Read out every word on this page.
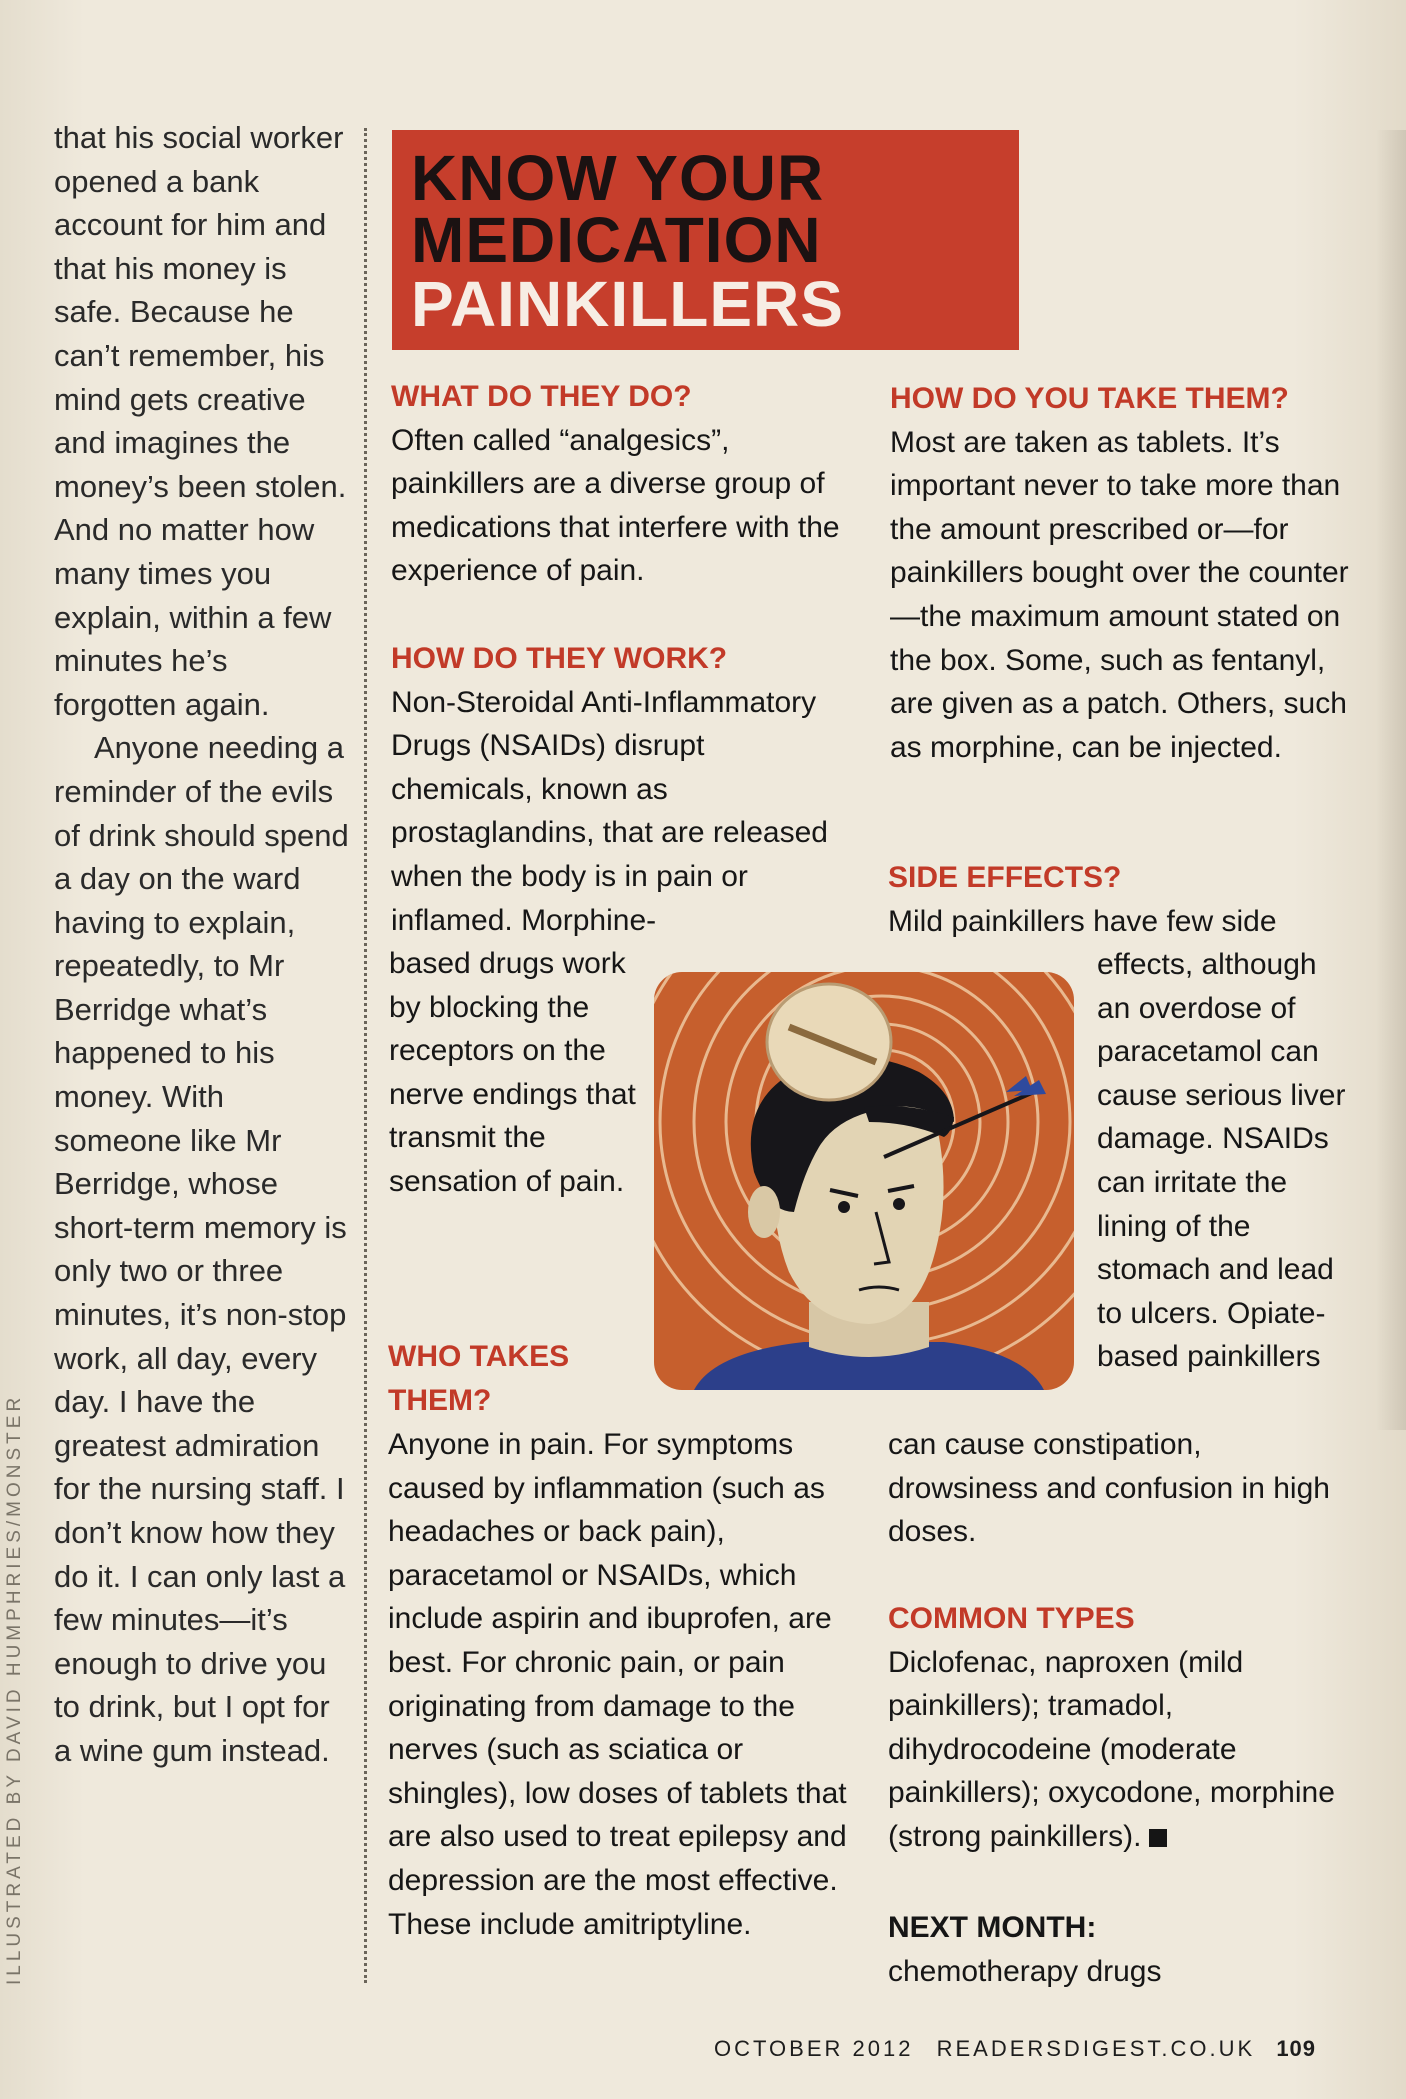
ILLUSTRATED BY DAVID HUMPHRIES/MONSTER

that his social worker opened a bank account for him and that his money is safe. Because he can’t remember, his mind gets creative and imagines the money’s been stolen. And no matter how many times you explain, within a few minutes he’s forgotten again.

Anyone needing a reminder of the evils of drink should spend a day on the ward having to explain, repeatedly, to Mr Berridge what’s happened to his money. With someone like Mr Berridge, whose short-term memory is only two or three minutes, it’s non-stop work, all day, every day. I have the greatest admiration for the nursing staff. I don’t know how they do it. I can only last a few minutes—it’s enough to drive you to drink, but I opt for a wine gum instead.

KNOW YOUR
MEDICATION
PAINKILLERS
WHAT DO THEY DO?

Often called “analgesics”, painkillers are a diverse group of medications that interfere with the experience of pain.

HOW DO THEY WORK?

Non-Steroidal Anti-Inflammatory Drugs (NSAIDs) disrupt chemicals, known as prostaglandins, that are released when the body is in pain or inflamed. Morphine-

based drugs work by blocking the receptors on the nerve endings that transmit the sensation of pain.

WHO TAKES
THEM?

Anyone in pain. For symptoms caused by inflammation (such as headaches or back pain), paracetamol or NSAIDs, which include aspirin and ibuprofen, are best. For chronic pain, or pain originating from damage to the nerves (such as sciatica or shingles), low doses of tablets that are also used to treat epilepsy and depression are the most effective. These include amitriptyline.

HOW DO YOU TAKE THEM?

Most are taken as tablets. It’s important never to take more than the amount prescribed or—for painkillers bought over the counter—the maximum amount stated on the box. Some, such as fentanyl, are given as a patch. Others, such as morphine, can be injected.

SIDE EFFECTS?

Mild painkillers have few side

effects, although an overdose of paracetamol can cause serious liver damage. NSAIDs can irritate the lining of the stomach and lead to ulcers. Opiate-based painkillers

can cause constipation, drowsiness and confusion in high doses.

COMMON TYPES

Diclofenac, naproxen (mild painkillers); tramadol, dihydrocodeine (moderate painkillers); oxycodone, morphine (strong painkillers).

NEXT MONTH:

chemotherapy drugs

OCTOBER 2012 READERSDIGEST.CO.UK 109
